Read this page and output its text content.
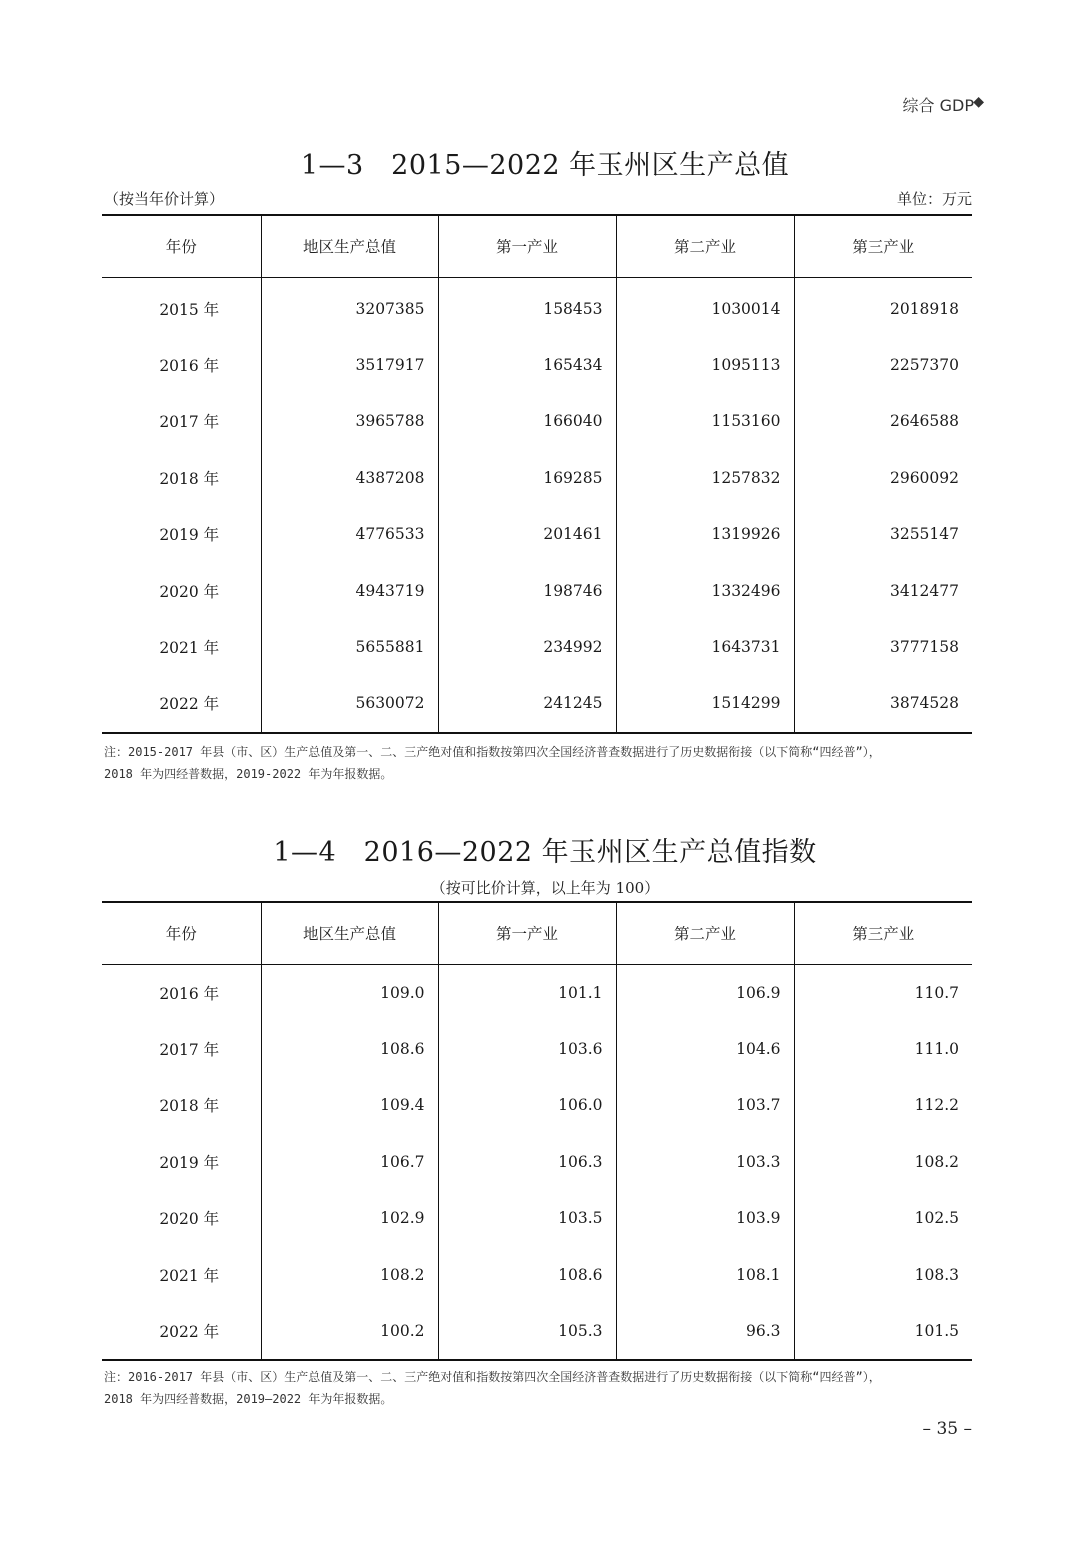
综合 GDP ◆
1—3　2015—2022 年玉州区生产总值
（按当年价计算）	单位：万元
年份	地区生产总值	第一产业	第二产业	第三产业
2015 年	3207385	158453	1030014	2018918
2016 年	3517917	165434	1095113	2257370
2017 年	3965788	166040	1153160	2646588
2018 年	4387208	169285	1257832	2960092
2019 年	4776533	201461	1319926	3255147
2020 年	4943719	198746	1332496	3412477
2021 年	5655881	234992	1643731	3777158
2022 年	5630072	241245	1514299	3874528
注：2015-2017 年县（市、区）生产总值及第一、二、三产绝对值和指数按第四次全国经济普查数据进行了历史数据衔接（以下简称“四经普”），
2018 年为四经普数据，2019-2022 年为年报数据。
1—4　2016—2022 年玉州区生产总值指数
（按可比价计算，以上年为 100）
年份	地区生产总值	第一产业	第二产业	第三产业
2016 年	109.0	101.1	106.9	110.7
2017 年	108.6	103.6	104.6	111.0
2018 年	109.4	106.0	103.7	112.2
2019 年	106.7	106.3	103.3	108.2
2020 年	102.9	103.5	103.9	102.5
2021 年	108.2	108.6	108.1	108.3
2022 年	100.2	105.3	96.3	101.5
注：2016-2017 年县（市、区）生产总值及第一、二、三产绝对值和指数按第四次全国经济普查数据进行了历史数据衔接（以下简称“四经普”），
2018 年为四经普数据，2019—2022 年为年报数据。
– 35 –
